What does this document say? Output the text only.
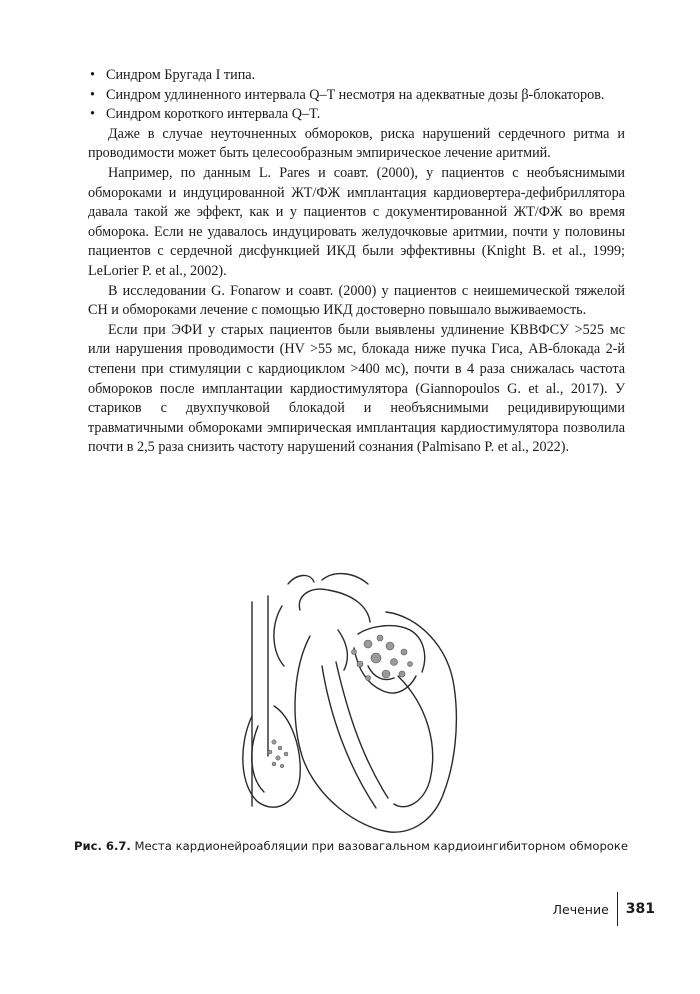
• Синдром Бругада I типа.
• Синдром удлиненного интервала Q–T несмотря на адекватные дозы β-блокаторов.
• Синдром короткого интервала Q–T.

Даже в случае неуточненных обмороков, риска нарушений сердечного ритма и проводимости может быть целесообразным эмпирическое лечение аритмий.

Например, по данным L. Pares и соавт. (2000), у пациентов с необъяснимыми обмороками и индуцированной ЖТ/ФЖ имплантация кардиовертера-дефибриллятора давала такой же эффект, как и у пациентов с документированной ЖТ/ФЖ во время обморока. Если не удавалось индуцировать желудочковые аритмии, почти у половины пациентов с сердечной дисфункцией ИКД были эффективны (Knight B. et al., 1999; LeLorier P. et al., 2002).

В исследовании G. Fonarow и соавт. (2000) у пациентов с неишемической тяжелой СН и обмороками лечение с помощью ИКД достоверно повышало выживаемость.

Если при ЭФИ у старых пациентов были выявлены удлинение КВВФСУ >525 мс или нарушения проводимости (HV >55 мс, блокада ниже пучка Гиса, АВ-блокада 2-й степени при стимуляции с кардиоциклом >400 мс), почти в 4 раза снижалась частота обмороков после имплантации кардиостимулятора (Giannopoulos G. et al., 2017). У стариков с двухпучковой блокадой и необъяснимыми рецидивирующими травматичными обмороками эмпирическая имплантация кардиостимулятора позволила почти в 2,5 раза снизить частоту нарушений сознания (Palmisano P. et al., 2022).

Рис. 6.7. Места кардионейроабляции при вазовагальном кардиоингибиторном обмороке
Лечение 381
